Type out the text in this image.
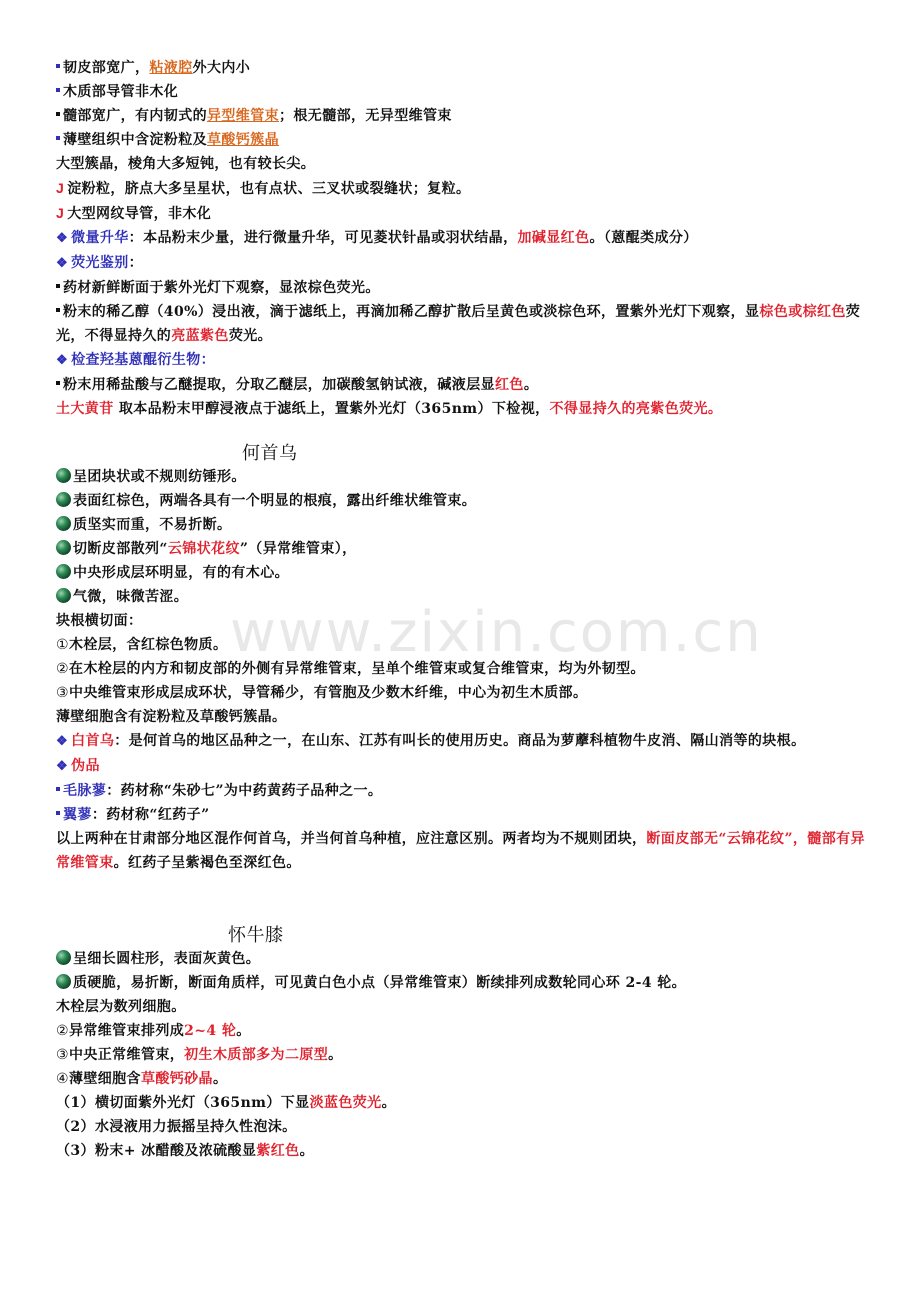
www.zixin.com.cn
韧皮部宽广，粘液腔外大内小
木质部导管非木化
髓部宽广，有内韧式的异型维管束；根无髓部，无异型维管束
薄壁组织中含淀粉粒及草酸钙簇晶
大型簇晶，棱角大多短钝，也有较长尖。
J 淀粉粒，脐点大多呈星状，也有点状、三叉状或裂缝状；复粒。
J 大型网纹导管，非木化
❖ 微量升华：本品粉末少量，进行微量升华，可见菱状针晶或羽状结晶，加碱显红色。（蒽醌类成分）
❖ 荧光鉴别：
药材新鲜断面于紫外光灯下观察，显浓棕色荧光。
粉末的稀乙醇（40%）浸出液，滴于滤纸上，再滴加稀乙醇扩散后呈黄色或淡棕色环，置紫外光灯下观察，显棕色或棕红色荧光，不得显持久的亮蓝紫色荧光。
❖ 检查羟基蒽醌衍生物：
粉末用稀盐酸与乙醚提取，分取乙醚层，加碳酸氢钠试液，碱液层显红色。
土大黄苷 取本品粉末甲醇浸液点于滤纸上，置紫外光灯（365nm）下检视，不得显持久的亮紫色荧光。
何首乌
呈团块状或不规则纺锤形。
表面红棕色，两端各具有一个明显的根痕，露出纤维状维管束。
质坚实而重，不易折断。
切断皮部散列“云锦状花纹”（异常维管束），
中央形成层环明显，有的有木心。
气微，味微苦涩。
块根横切面：
①木栓层，含红棕色物质。
②在木栓层的内方和韧皮部的外侧有异常维管束，呈单个维管束或复合维管束，均为外韧型。
③中央维管束形成层成环状，导管稀少，有管胞及少数木纤维，中心为初生木质部。
薄壁细胞含有淀粉粒及草酸钙簇晶。
❖ 白首乌：是何首乌的地区品种之一，在山东、江苏有叫长的使用历史。商品为萝藦科植物牛皮消、隔山消等的块根。
❖ 伪品
毛脉蓼：药材称“朱砂七”为中药黄药子品种之一。
翼蓼：药材称“红药子”
以上两种在甘肃部分地区混作何首乌，并当何首乌种植，应注意区别。两者均为不规则团块，断面皮部无“云锦花纹”，髓部有异常维管束。红药子呈紫褐色至深红色。
怀牛膝
呈细长圆柱形，表面灰黄色。
质硬脆，易折断，断面角质样，可见黄白色小点（异常维管束）断续排列成数轮同心环 2-4 轮。
木栓层为数列细胞。
②异常维管束排列成2~4 轮。
③中央正常维管束，初生木质部多为二原型。
④薄壁细胞含草酸钙砂晶。
（1）横切面紫外光灯（365nm）下显淡蓝色荧光。
（2）水浸液用力振摇呈持久性泡沫。
（3）粉末+ 冰醋酸及浓硫酸显紫红色。
